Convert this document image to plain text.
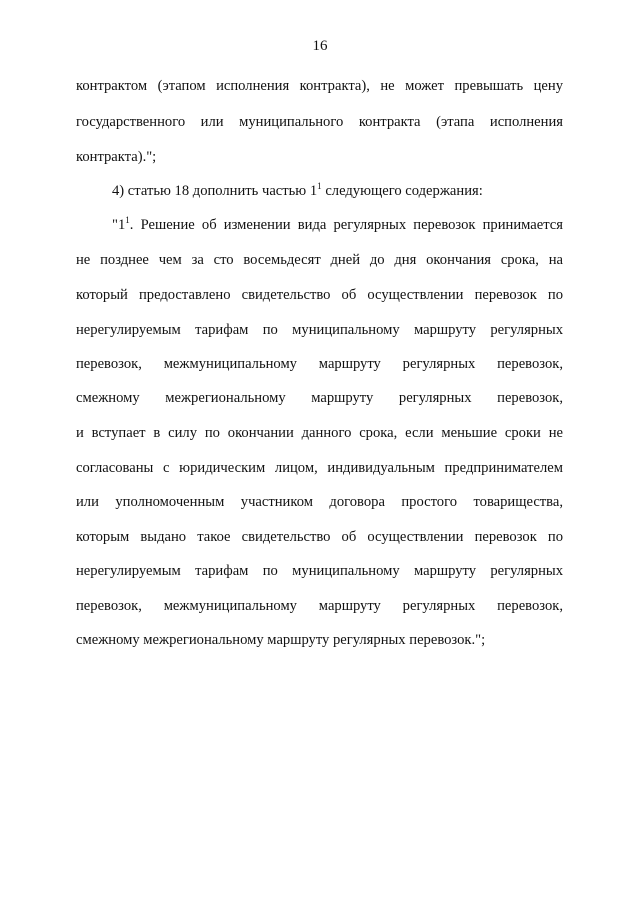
16
контрактом (этапом исполнения контракта), не может превышать цену
государственного или муниципального контракта (этапа исполнения
контракта).";
4) статью 18 дополнить частью $1^1$ следующего содержания:
"$1^1$. Решение об изменении вида регулярных перевозок принимается
не позднее чем за сто восемьдесят дней до дня окончания срока, на
который предоставлено свидетельство об осуществлении перевозок по
нерегулируемым тарифам по муниципальному маршруту регулярных
перевозок, межмуниципальному маршруту регулярных перевозок,
смежному межрегиональному маршруту регулярных перевозок,
и вступает в силу по окончании данного срока, если меньшие сроки не
согласованы с юридическим лицом, индивидуальным предпринимателем
или уполномоченным участником договора простого товарищества,
которым выдано такое свидетельство об осуществлении перевозок по
нерегулируемым тарифам по муниципальному маршруту регулярных
перевозок, межмуниципальному маршруту регулярных перевозок,
смежному межрегиональному маршруту регулярных перевозок.";
